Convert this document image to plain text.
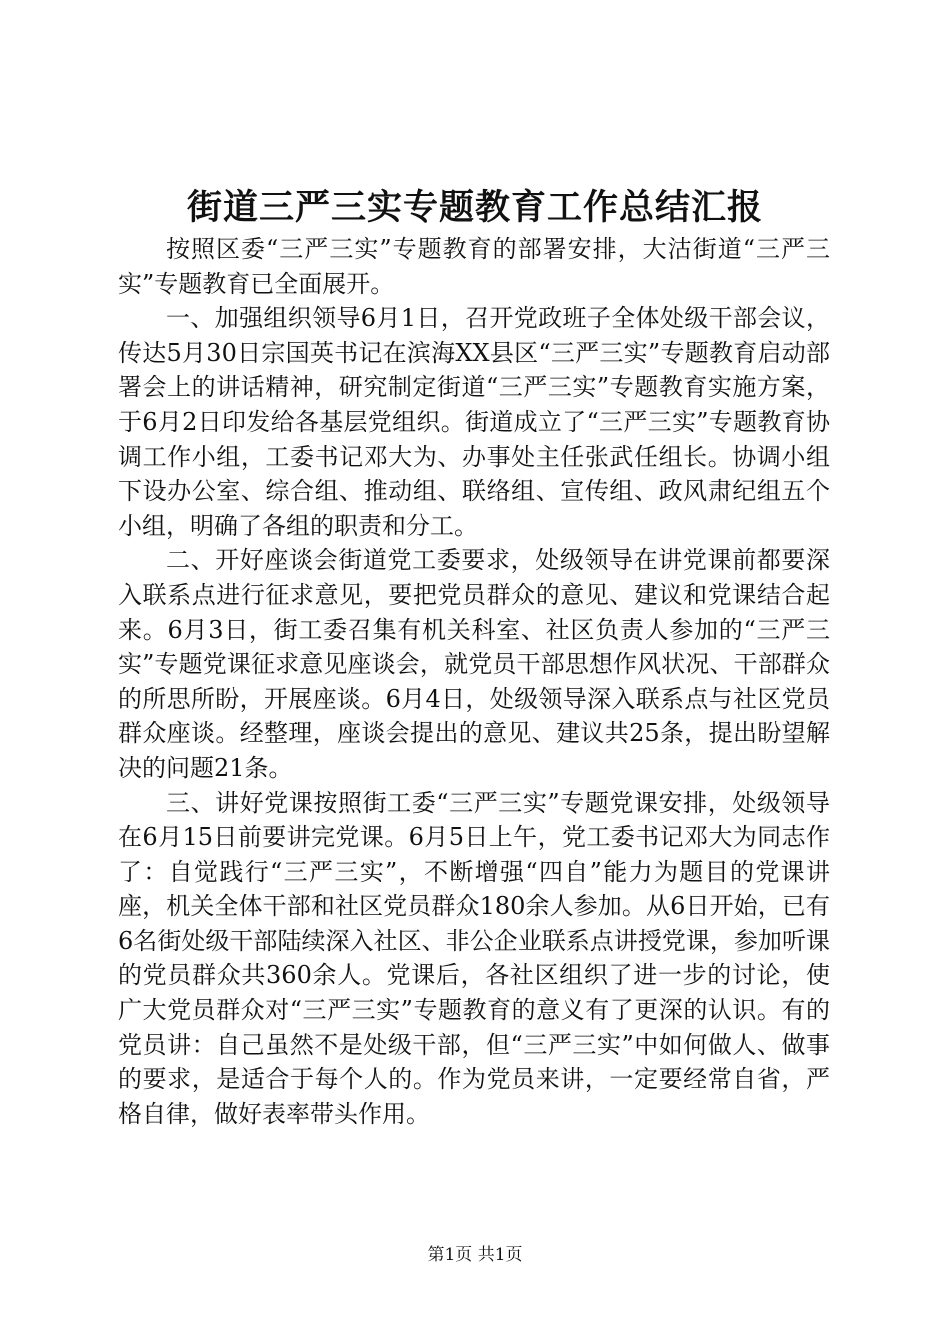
街道三严三实专题教育工作总结汇报

按照区委“三严三实”专题教育的部署安排，大沽街道“三严三实”专题教育已全面展开。

一、加强组织领导6月1日，召开党政班子全体处级干部会议，传达5月30日宗国英书记在滨海XX县区“三严三实”专题教育启动部署会上的讲话精神，研究制定街道“三严三实”专题教育实施方案，于6月2日印发给各基层党组织。街道成立了“三严三实”专题教育协调工作小组，工委书记邓大为、办事处主任张武任组长。协调小组下设办公室、综合组、推动组、联络组、宣传组、政风肃纪组五个小组，明确了各组的职责和分工。

二、开好座谈会街道党工委要求，处级领导在讲党课前都要深入联系点进行征求意见，要把党员群众的意见、建议和党课结合起来。6月3日，街工委召集有机关科室、社区负责人参加的“三严三实”专题党课征求意见座谈会，就党员干部思想作风状况、干部群众的所思所盼，开展座谈。6月4日，处级领导深入联系点与社区党员群众座谈。经整理，座谈会提出的意见、建议共25条，提出盼望解决的问题21条。

三、讲好党课按照街工委“三严三实”专题党课安排，处级领导在6月15日前要讲完党课。6月5日上午，党工委书记邓大为同志作了：自觉践行“三严三实”，不断增强“四自”能力为题目的党课讲座，机关全体干部和社区党员群众180余人参加。从6日开始，已有6名街处级干部陆续深入社区、非公企业联系点讲授党课，参加听课的党员群众共360余人。党课后，各社区组织了进一步的讨论，使广大党员群众对“三严三实”专题教育的意义有了更深的认识。有的党员讲：自己虽然不是处级干部，但“三严三实”中如何做人、做事的要求，是适合于每个人的。作为党员来讲，一定要经常自省，严格自律，做好表率带头作用。

第1页 共1页
